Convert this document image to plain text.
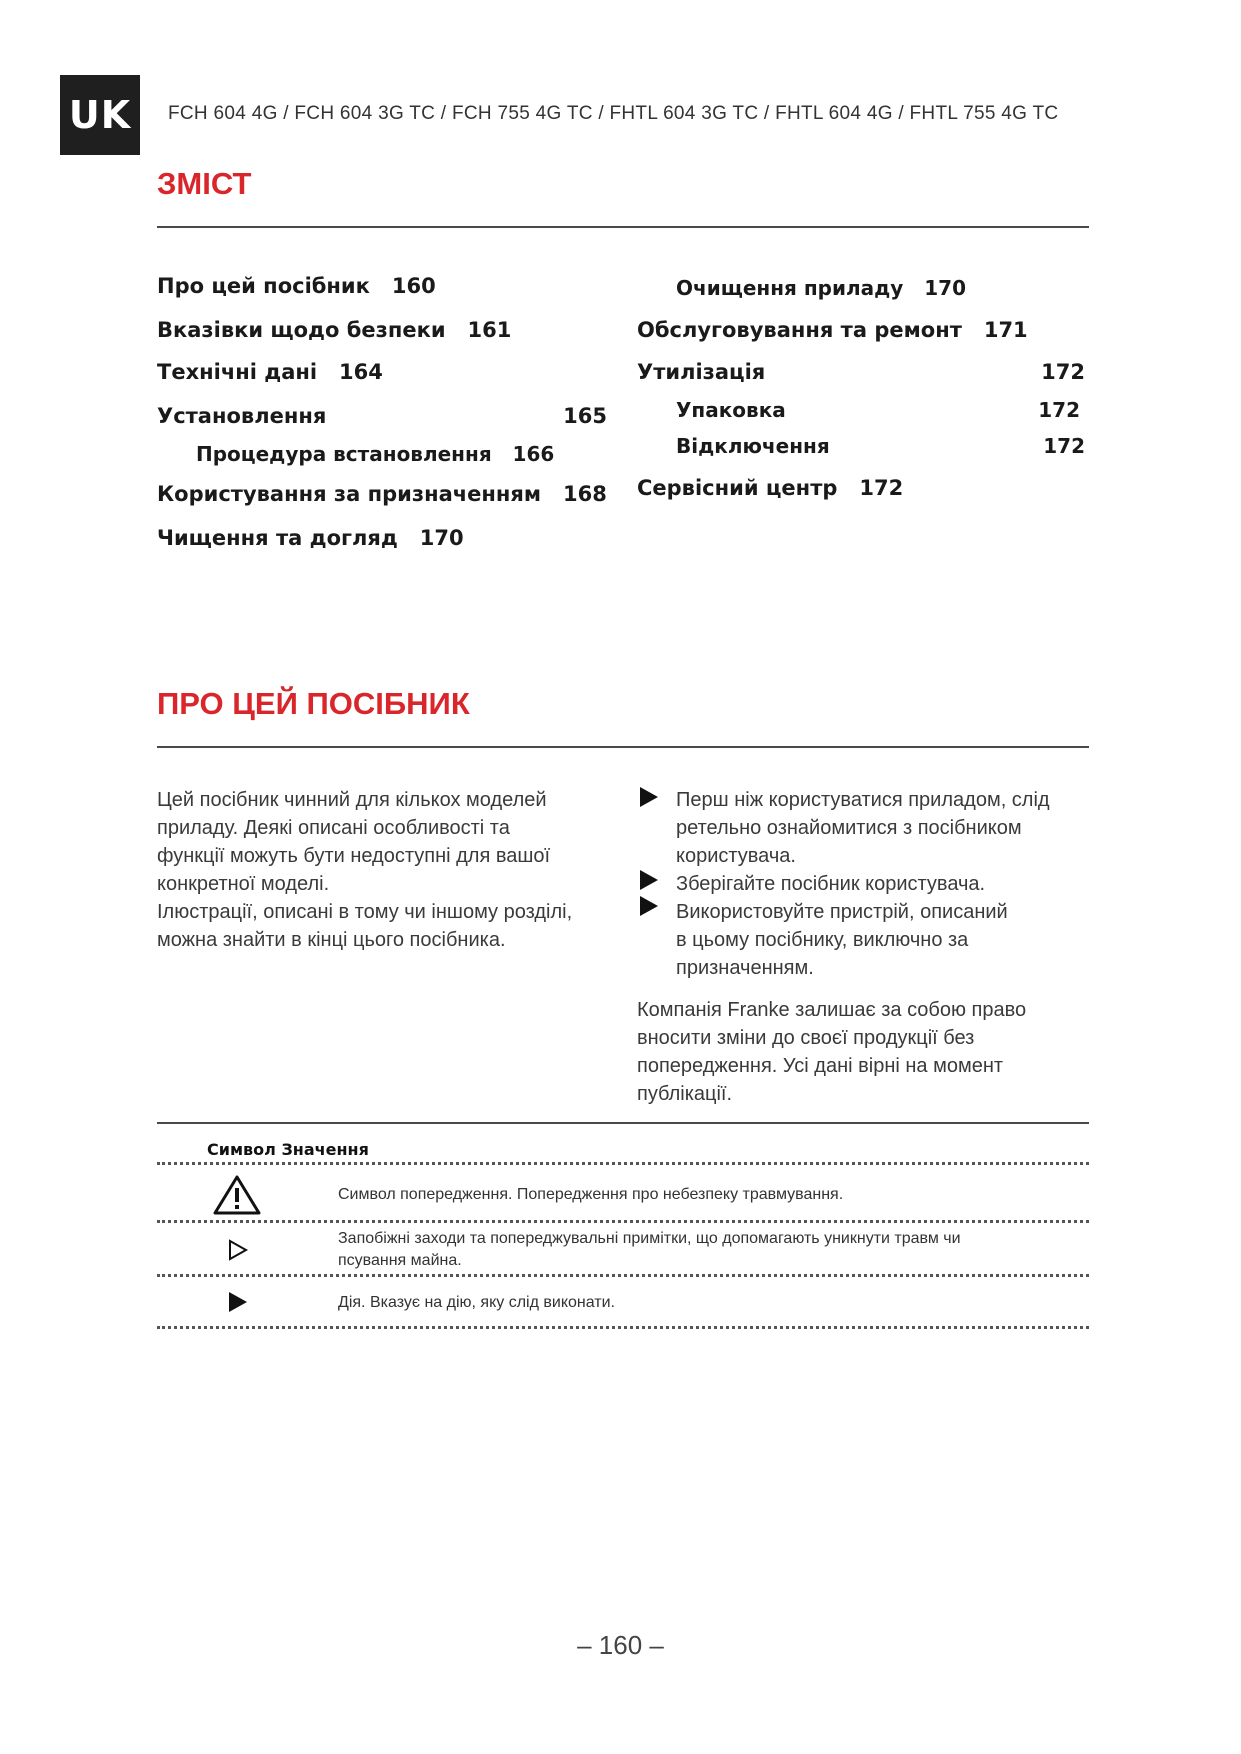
UK	FCH 604 4G / FCH 604 3G TC / FCH 755 4G TC / FHTL 604 3G TC / FHTL 604 4G / FHTL 755 4G TC
ЗМІСТ
Про цей посібник 160
Вказівки щодо безпеки 161
Технічні дані 164
Установлення	165
Процедура встановлення 166
Користування за призначенням 168
Чищення та догляд 170
Очищення приладу 170
Обслуговування та ремонт 171
Утилізація	172
Упаковка	172
Відключення	172
Сервісний центр 172
ПРО ЦЕЙ ПОСІБНИК
Цей посібник чинний для кількох моделей
приладу. Деякі описані особливості та
функції можуть бути недоступні для вашої
конкретної моделі.
Ілюстрації, описані в тому чи іншому розділі,
можна знайти в кінці цього посібника.
Перш ніж користуватися приладом, слід
ретельно ознайомитися з посібником
користувача.
Зберігайте посібник користувача.
Використовуйте пристрій, описаний
в цьому посібнику, виключно за
призначенням.
Компанія Franke залишає за собою право
вносити зміни до своєї продукції без
попередження. Усі дані вірні на момент
публікації.
Символ Значення
Символ попередження. Попередження про небезпеку травмування.
Запобіжні заходи та попереджувальні примітки, що допомагають уникнути травм чи
псування майна.
Дія. Вказує на дію, яку слід виконати.
– 160 –
